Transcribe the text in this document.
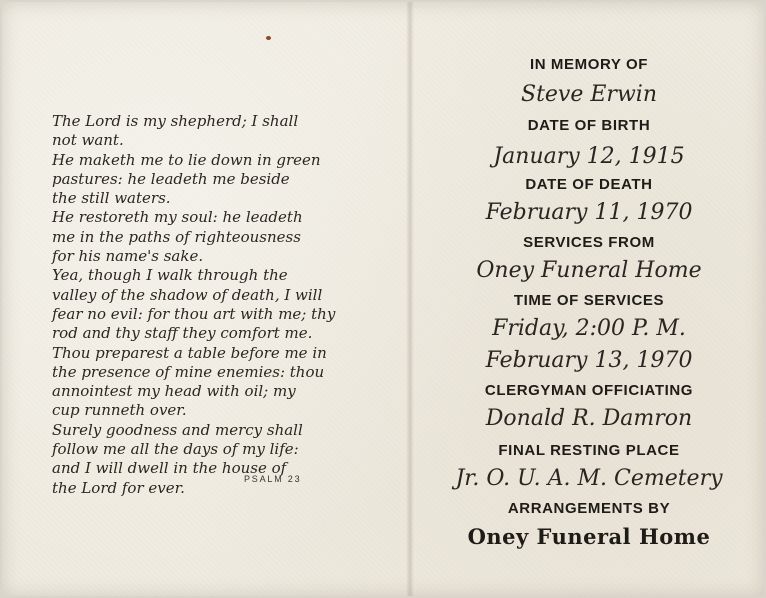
The Lord is my shepherd; I shall
not want.
He maketh me to lie down in green
pastures: he leadeth me beside
the still waters.
He restoreth my soul: he leadeth
me in the paths of righteousness
for his name's sake.
Yea, though I walk through the
valley of the shadow of death, I will
fear no evil: for thou art with me; thy
rod and thy staff they comfort me.
Thou preparest a table before me in
the presence of mine enemies: thou
annointest my head with oil; my
cup runneth over.
Surely goodness and mercy shall
follow me all the days of my life:
and I will dwell in the house of
the Lord for ever.	PSALM 23
IN MEMORY OF
Steve Erwin
DATE OF BIRTH
January 12, 1915
DATE OF DEATH
February 11, 1970
SERVICES FROM
Oney Funeral Home
TIME OF SERVICES
Friday, 2:00 P. M.
February 13, 1970
CLERGYMAN OFFICIATING
Donald R. Damron
FINAL RESTING PLACE
Jr. O. U. A. M. Cemetery
ARRANGEMENTS BY
Oney Funeral Home
